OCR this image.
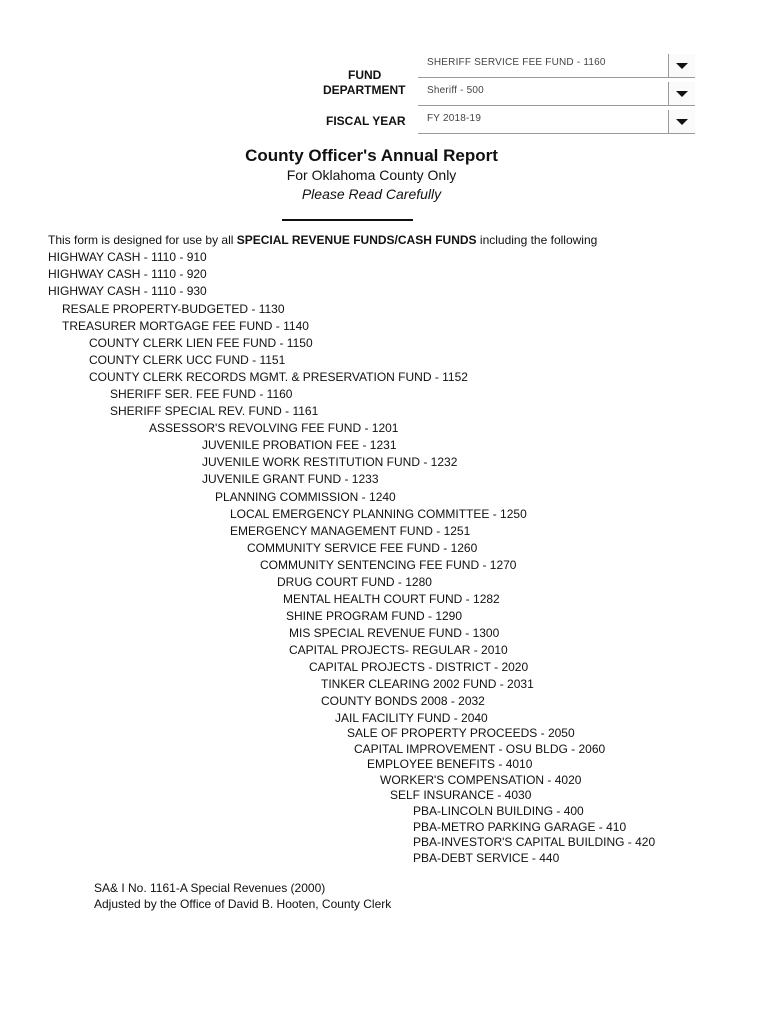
FUND
DEPARTMENT
FISCAL YEAR
SHERIFF SERVICE FEE FUND - 1160
Sheriff - 500
FY 2018-19
County Officer's Annual Report
For Oklahoma County Only
Please Read Carefully
This form is designed for use by all SPECIAL REVENUE FUNDS/CASH FUNDS including the following
HIGHWAY CASH - 1110 - 910
HIGHWAY CASH - 1110 - 920
HIGHWAY CASH - 1110 - 930
RESALE PROPERTY-BUDGETED - 1130
TREASURER MORTGAGE FEE FUND - 1140
COUNTY CLERK LIEN FEE FUND - 1150
COUNTY CLERK UCC FUND - 1151
COUNTY CLERK RECORDS MGMT. & PRESERVATION FUND - 1152
SHERIFF SER. FEE FUND - 1160
SHERIFF SPECIAL REV. FUND - 1161
ASSESSOR'S REVOLVING FEE FUND - 1201
JUVENILE PROBATION FEE - 1231
JUVENILE WORK RESTITUTION FUND - 1232
JUVENILE GRANT FUND - 1233
PLANNING COMMISSION - 1240
LOCAL EMERGENCY PLANNING COMMITTEE - 1250
EMERGENCY MANAGEMENT FUND - 1251
COMMUNITY SERVICE FEE FUND - 1260
COMMUNITY SENTENCING FEE FUND - 1270
DRUG COURT FUND - 1280
MENTAL HEALTH COURT FUND - 1282
SHINE PROGRAM FUND - 1290
MIS SPECIAL REVENUE FUND - 1300
CAPITAL PROJECTS- REGULAR - 2010
CAPITAL PROJECTS - DISTRICT - 2020
TINKER CLEARING 2002 FUND - 2031
COUNTY BONDS 2008 - 2032
JAIL FACILITY FUND - 2040
SALE OF PROPERTY PROCEEDS - 2050
CAPITAL IMPROVEMENT - OSU BLDG - 2060
EMPLOYEE BENEFITS - 4010
WORKER'S COMPENSATION - 4020
SELF INSURANCE - 4030
PBA-LINCOLN BUILDING - 400
PBA-METRO PARKING GARAGE - 410
PBA-INVESTOR'S CAPITAL BUILDING - 420
PBA-DEBT SERVICE - 440
SA& I No. 1161-A Special Revenues (2000)
Adjusted by the Office of David B. Hooten, County Clerk
